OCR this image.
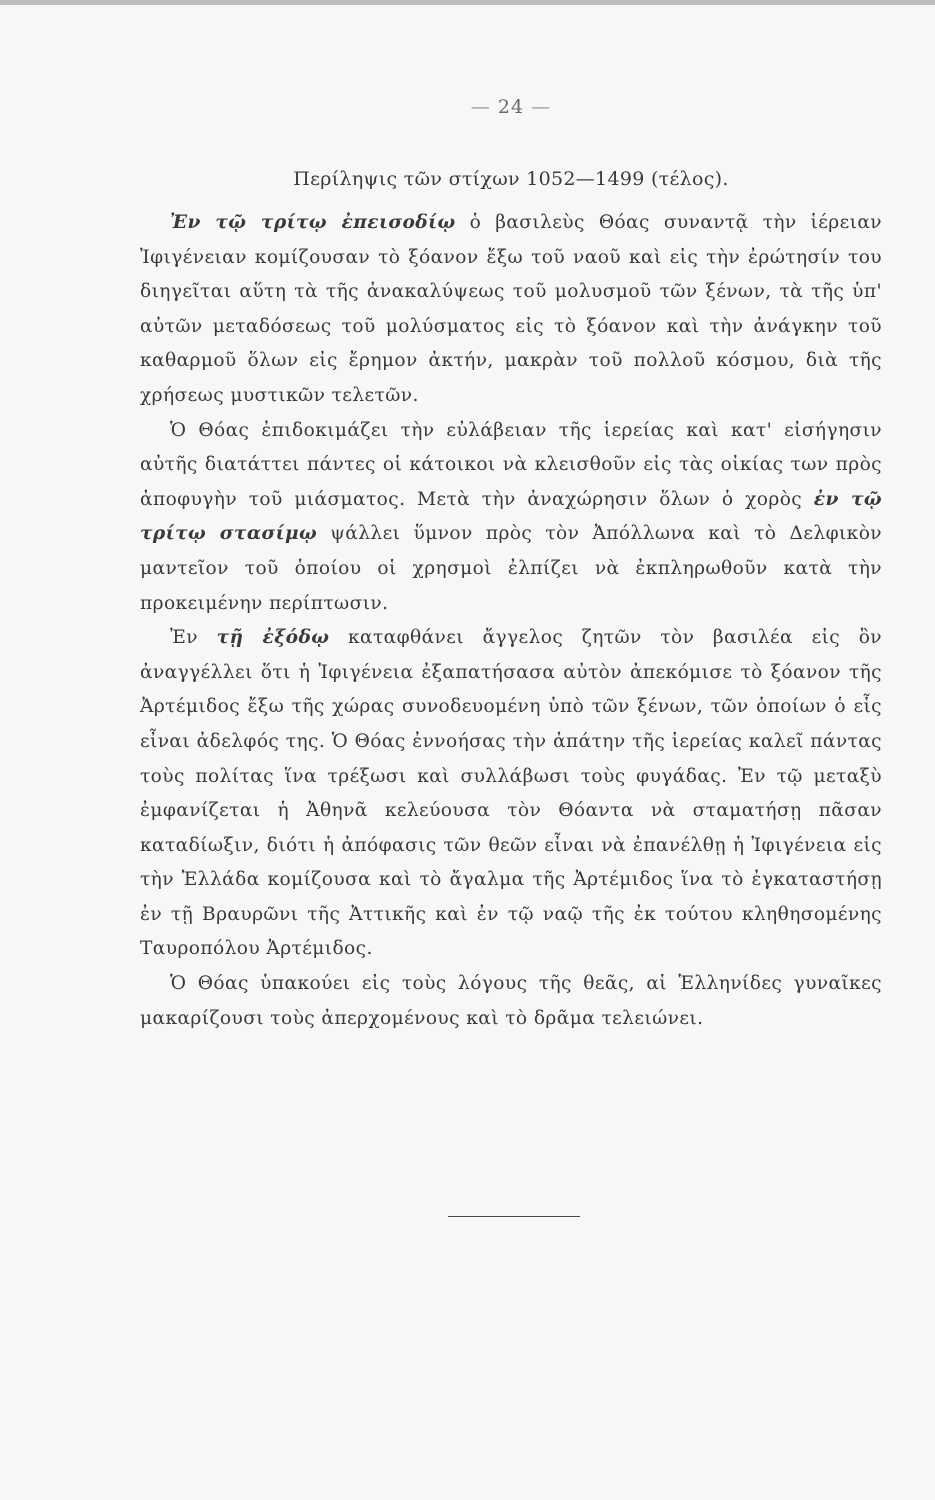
— 24 —
Περίληψις τῶν στίχων 1052—1499 (τέλος).

Ἐν τῷ τρίτῳ ἐπεισοδίῳ ὁ βασιλεὺς Θόας συναντᾷ τὴν ἱέρειαν Ἰφιγένειαν κομίζουσαν τὸ ξόανον ἔξω τοῦ ναοῦ καὶ εἰς τὴν ἐρώτησίν του διηγεῖται αὕτη τὰ τῆς ἀνακαλύψεως τοῦ μολυσμοῦ τῶν ξένων, τὰ τῆς ὑπ' αὐτῶν μεταδόσεως τοῦ μολύσματος εἰς τὸ ξόανον καὶ τὴν ἀνάγκην τοῦ καθαρμοῦ ὅλων εἰς ἔρημον ἀκτήν, μακρὰν τοῦ πολλοῦ κόσμου, διὰ τῆς χρήσεως μυστικῶν τελετῶν.

Ὁ Θόας ἐπιδοκιμάζει τὴν εὐλάβειαν τῆς ἱερείας καὶ κατ' εἰσήγησιν αὐτῆς διατάττει πάντες οἱ κάτοικοι νὰ κλεισθοῦν εἰς τὰς οἰκίας των πρὸς ἀποφυγὴν τοῦ μιάσματος. Μετὰ τὴν ἀναχώρησιν ὅλων ὁ χορὸς ἐν τῷ τρίτῳ στασίμῳ ψάλλει ὕμνον πρὸς τὸν Ἀπόλλωνα καὶ τὸ Δελφικὸν μαντεῖον τοῦ ὁποίου οἱ χρησμοὶ ἐλπίζει νὰ ἐκπληρωθοῦν κατὰ τὴν προκειμένην περίπτωσιν.

Ἐν τῇ ἐξόδῳ καταφθάνει ἄγγελος ζητῶν τὸν βασιλέα εἰς ὃν ἀναγγέλλει ὅτι ἡ Ἰφιγένεια ἐξαπατήσασα αὐτὸν ἀπεκόμισε τὸ ξόανον τῆς Ἀρτέμιδος ἔξω τῆς χώρας συνοδευομένη ὑπὸ τῶν ξένων, τῶν ὁποίων ὁ εἷς εἶναι ἀδελφός της. Ὁ Θόας ἐννοήσας τὴν ἀπάτην τῆς ἱερείας καλεῖ πάντας τοὺς πολίτας ἵνα τρέξωσι καὶ συλλάβωσι τοὺς φυγάδας. Ἐν τῷ μεταξὺ ἐμφανίζεται ἡ Ἀθηνᾶ κελεύουσα τὸν Θόαντα νὰ σταματήσῃ πᾶσαν καταδίωξιν, διότι ἡ ἀπόφασις τῶν θεῶν εἶναι νὰ ἐπανέλθῃ ἡ Ἰφιγένεια εἰς τὴν Ἑλλάδα κομίζουσα καὶ τὸ ἄγαλμα τῆς Ἀρτέμιδος ἵνα τὸ ἐγκαταστήσῃ ἐν τῇ Βραυρῶνι τῆς Ἀττικῆς καὶ ἐν τῷ ναῷ τῆς ἐκ τούτου κληθησομένης Ταυροπόλου Ἀρτέμιδος.

Ὁ Θόας ὑπακούει εἰς τοὺς λόγους τῆς θεᾶς, αἱ Ἑλληνίδες γυναῖκες μακαρίζουσι τοὺς ἀπερχομένους καὶ τὸ δρᾶμα τελειώνει.
